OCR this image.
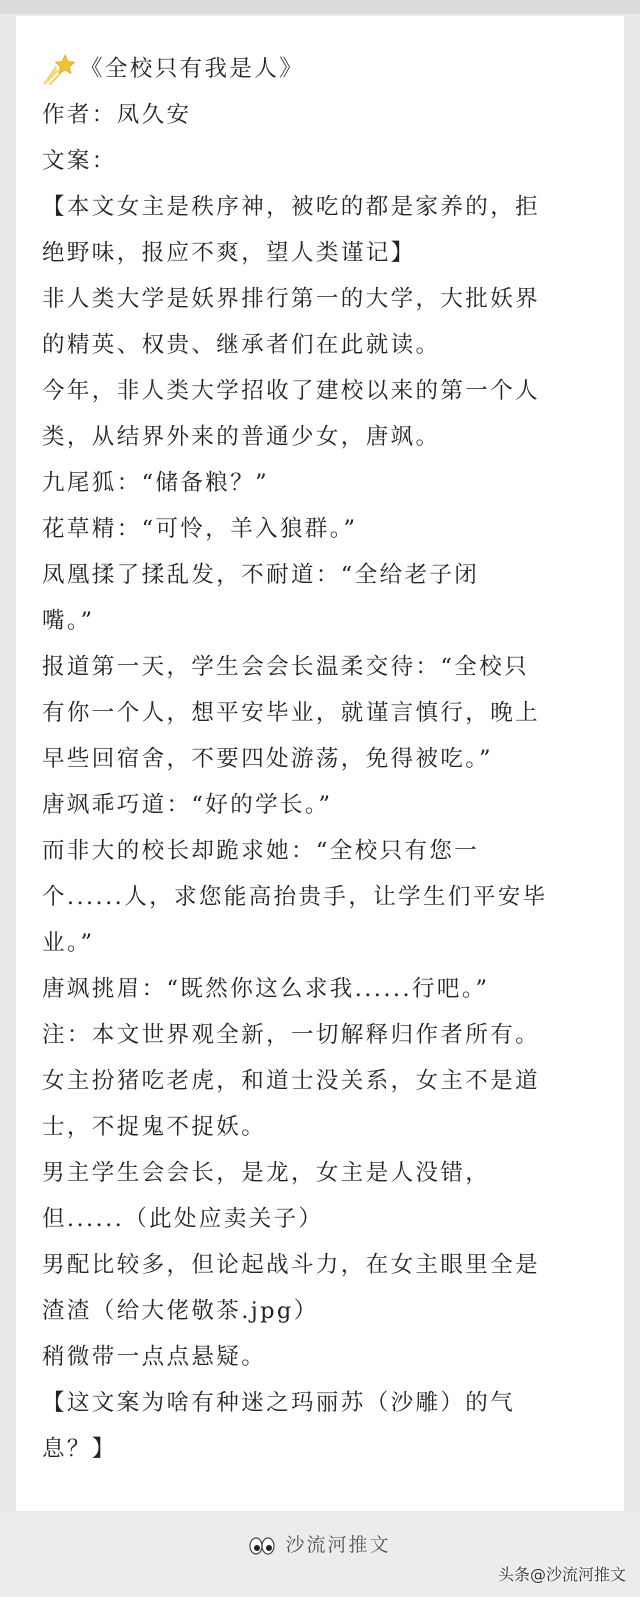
《全校只有我是人》
作者：凤久安
文案：
【本文女主是秩序神，被吃的都是家养的，拒
绝野味，报应不爽，望人类谨记】
非人类大学是妖界排行第一的大学，大批妖界
的精英、权贵、继承者们在此就读。
今年，非人类大学招收了建校以来的第一个人
类，从结界外来的普通少女，唐飒。
九尾狐：“储备粮？”
花草精：“可怜，羊入狼群。”
凤凰揉了揉乱发，不耐道：“全给老子闭
嘴。”
报道第一天，学生会会长温柔交待：“全校只
有你一个人，想平安毕业，就谨言慎行，晚上
早些回宿舍，不要四处游荡，免得被吃。”
唐飒乖巧道：“好的学长。”
而非大的校长却跪求她：“全校只有您一
个......人，求您能高抬贵手，让学生们平安毕
业。”
唐飒挑眉：“既然你这么求我......行吧。”
注：本文世界观全新，一切解释归作者所有。
女主扮猪吃老虎，和道士没关系，女主不是道
士，不捉鬼不捉妖。
男主学生会会长，是龙，女主是人没错，
但......（此处应卖关子）
男配比较多，但论起战斗力，在女主眼里全是
渣渣（给大佬敬茶.jpg）
稍微带一点点悬疑。
【这文案为啥有种迷之玛丽苏（沙雕）的气
息？】
沙流河推文
头条@沙流河推文
